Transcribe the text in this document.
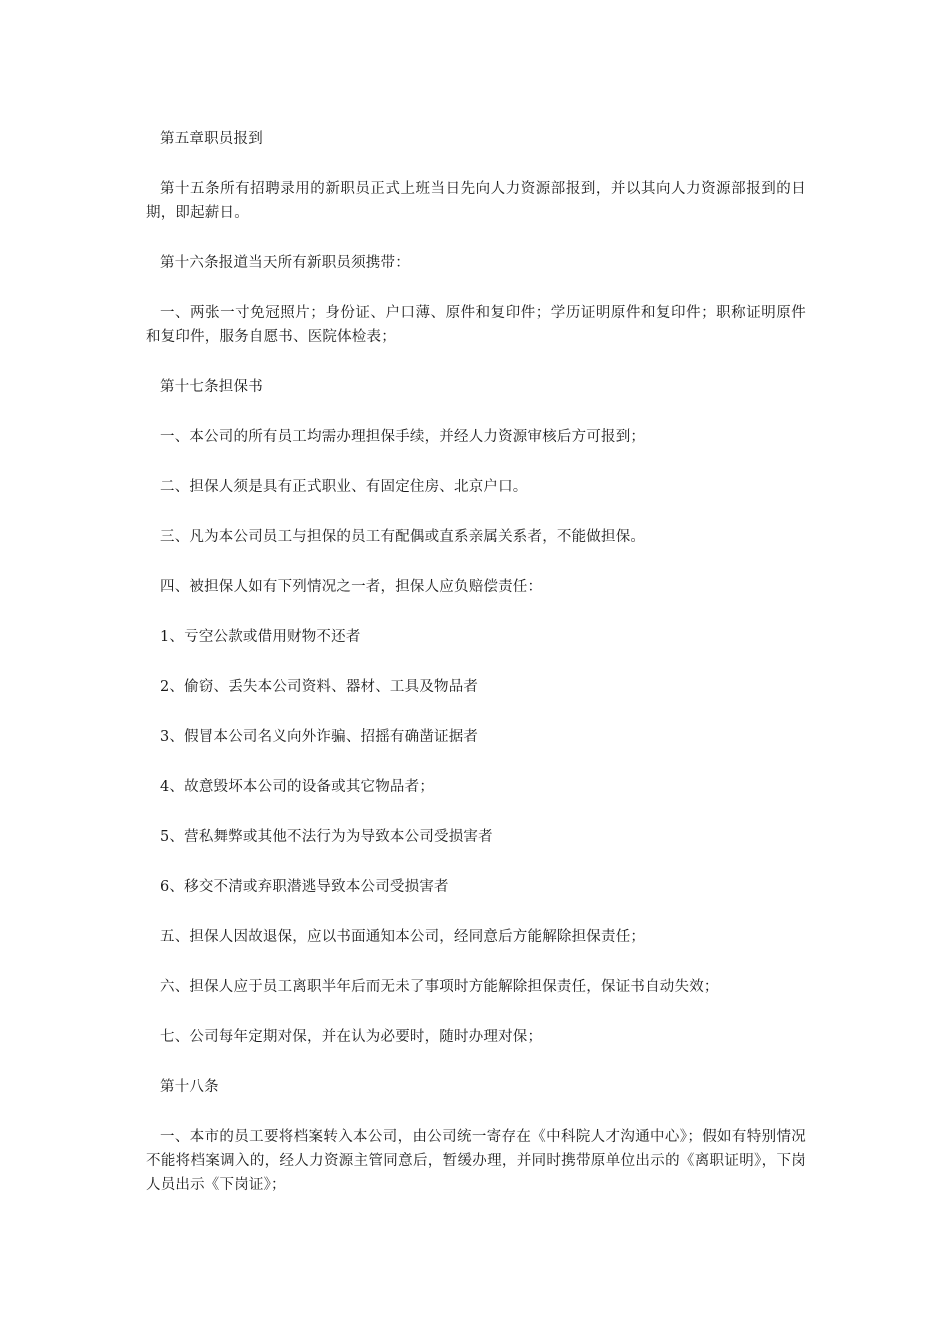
第五章职员报到

第十五条所有招聘录用的新职员正式上班当日先向人力资源部报到，并以其向人力资源部报到的日期，即起薪日。

第十六条报道当天所有新职员须携带：

一、两张一寸免冠照片；身份证、户口薄、原件和复印件；学历证明原件和复印件；职称证明原件和复印件，服务自愿书、医院体检表；

第十七条担保书

一、本公司的所有员工均需办理担保手续，并经人力资源审核后方可报到；

二、担保人须是具有正式职业、有固定住房、北京户口。

三、凡为本公司员工与担保的员工有配偶或直系亲属关系者，不能做担保。

四、被担保人如有下列情况之一者，担保人应负赔偿责任：

1、亏空公款或借用财物不还者

2、偷窃、丢失本公司资料、器材、工具及物品者

3、假冒本公司名义向外诈骗、招摇有确凿证据者

4、故意毁坏本公司的设备或其它物品者；

5、营私舞弊或其他不法行为为导致本公司受损害者

6、移交不清或弃职潜逃导致本公司受损害者

五、担保人因故退保，应以书面通知本公司，经同意后方能解除担保责任；

六、担保人应于员工离职半年后而无未了事项时方能解除担保责任，保证书自动失效；

七、公司每年定期对保，并在认为必要时，随时办理对保；

第十八条

一、本市的员工要将档案转入本公司，由公司统一寄存在《中科院人才沟通中心》；假如有特别情况不能将档案调入的，经人力资源主管同意后，暂缓办理，并同时携带原单位出示的《离职证明》，下岗人员出示《下岗证》；
